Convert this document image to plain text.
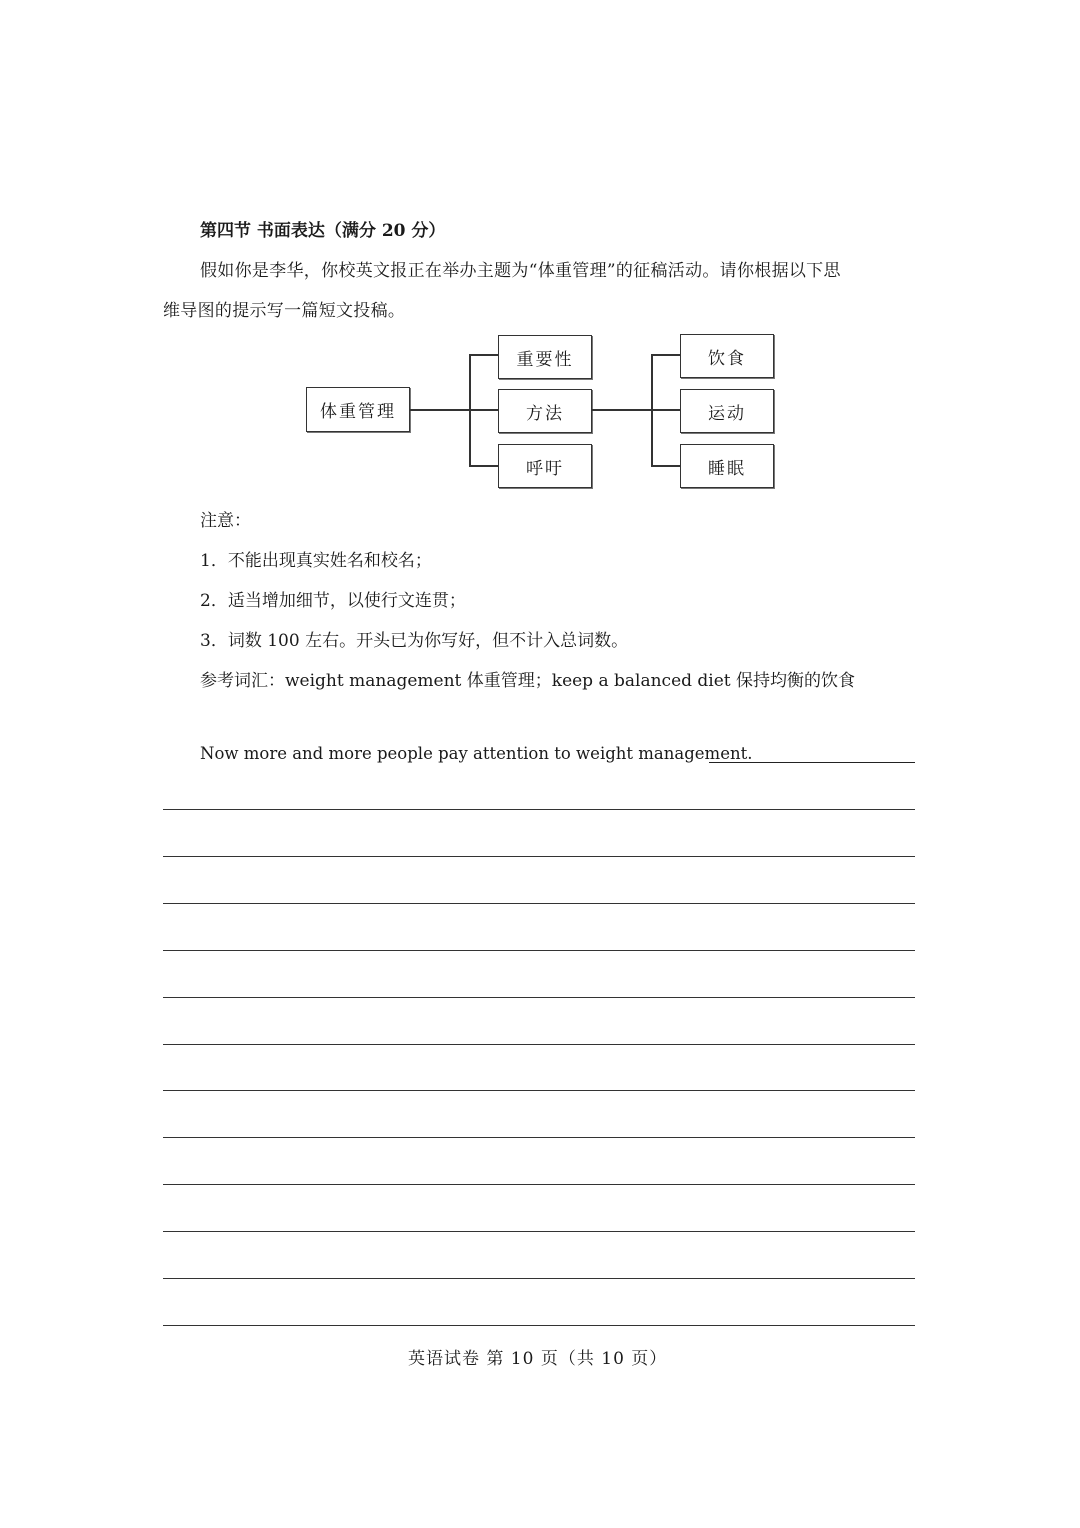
第四节 书面表达（满分 20 分）
假如你是李华，你校英文报正在举办主题为“体重管理”的征稿活动。请你根据以下思
维导图的提示写一篇短文投稿。
体重管理
重要性
方法
呼吁
饮食
运动
睡眠
注意：
1．不能出现真实姓名和校名；
2．适当增加细节，以使行文连贯；
3．词数 100 左右。开头已为你写好，但不计入总词数。
参考词汇：weight management 体重管理；keep a balanced diet 保持均衡的饮食
Now more and more people pay attention to weight management.
英语试卷 第 10 页（共 10 页）
